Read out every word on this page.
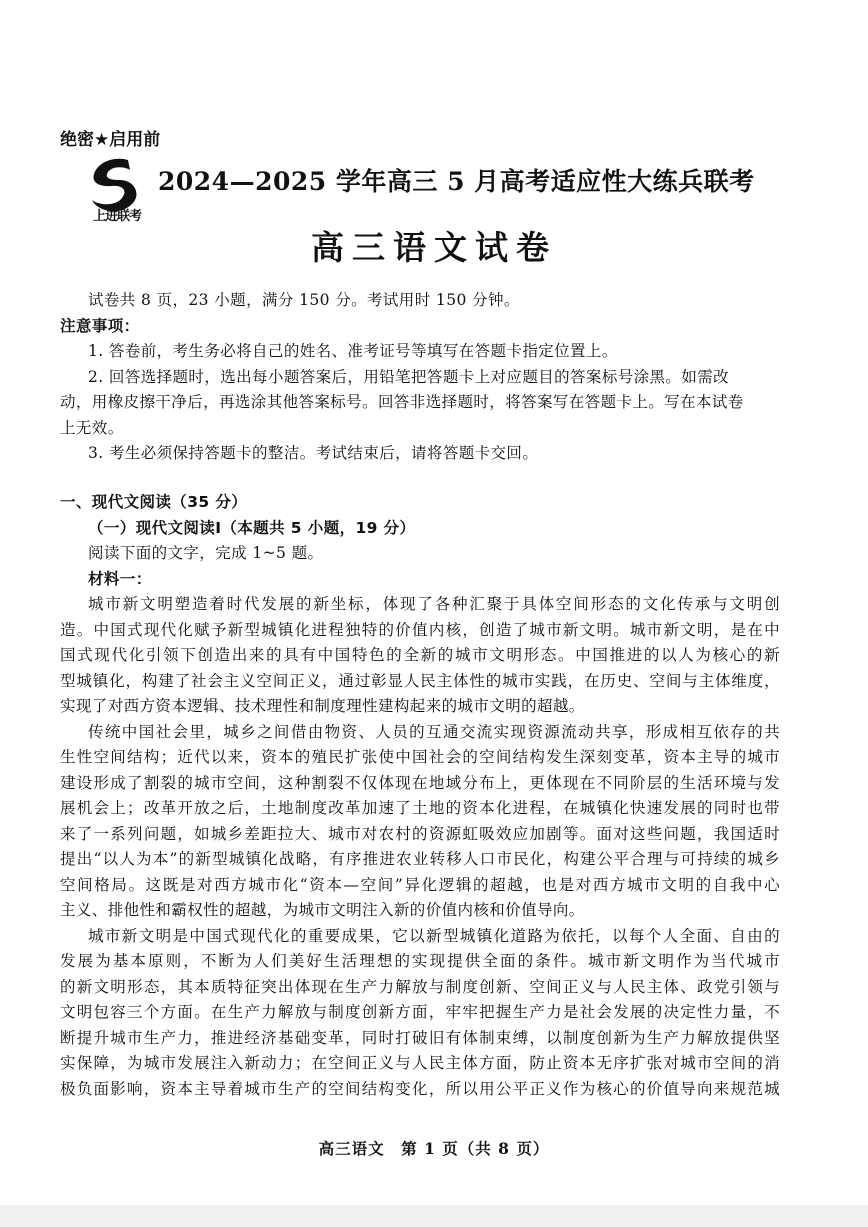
绝密★启用前
上进联考
2024—2025 学年高三 5 月高考适应性大练兵联考
高三语文试卷
试卷共 8 页，23 小题，满分 150 分。考试用时 150 分钟。
注意事项：
1. 答卷前，考生务必将自己的姓名、准考证号等填写在答题卡指定位置上。
2. 回答选择题时，选出每小题答案后，用铅笔把答题卡上对应题目的答案标号涂黑。如需改
动，用橡皮擦干净后，再选涂其他答案标号。回答非选择题时，将答案写在答题卡上。写在本试卷
上无效。
3. 考生必须保持答题卡的整洁。考试结束后，请将答题卡交回。
一、现代文阅读（35 分）
（一）现代文阅读Ⅰ（本题共 5 小题，19 分）
阅读下面的文字，完成 1~5 题。
材料一：
城市新文明塑造着时代发展的新坐标，体现了各种汇聚于具体空间形态的文化传承与文明创
造。中国式现代化赋予新型城镇化进程独特的价值内核，创造了城市新文明。城市新文明，是在中
国式现代化引领下创造出来的具有中国特色的全新的城市文明形态。中国推进的以人为核心的新
型城镇化，构建了社会主义空间正义，通过彰显人民主体性的城市实践，在历史、空间与主体维度，
实现了对西方资本逻辑、技术理性和制度理性建构起来的城市文明的超越。
传统中国社会里，城乡之间借由物资、人员的互通交流实现资源流动共享，形成相互依存的共
生性空间结构；近代以来，资本的殖民扩张使中国社会的空间结构发生深刻变革，资本主导的城市
建设形成了割裂的城市空间，这种割裂不仅体现在地域分布上，更体现在不同阶层的生活环境与发
展机会上；改革开放之后，土地制度改革加速了土地的资本化进程，在城镇化快速发展的同时也带
来了一系列问题，如城乡差距拉大、城市对农村的资源虹吸效应加剧等。面对这些问题，我国适时
提出“以人为本”的新型城镇化战略，有序推进农业转移人口市民化，构建公平合理与可持续的城乡
空间格局。这既是对西方城市化“资本—空间”异化逻辑的超越，也是对西方城市文明的自我中心
主义、排他性和霸权性的超越，为城市文明注入新的价值内核和价值导向。
城市新文明是中国式现代化的重要成果，它以新型城镇化道路为依托，以每个人全面、自由的
发展为基本原则，不断为人们美好生活理想的实现提供全面的条件。城市新文明作为当代城市
的新文明形态，其本质特征突出体现在生产力解放与制度创新、空间正义与人民主体、政党引领与
文明包容三个方面。在生产力解放与制度创新方面，牢牢把握生产力是社会发展的决定性力量，不
断提升城市生产力，推进经济基础变革，同时打破旧有体制束缚，以制度创新为生产力解放提供坚
实保障，为城市发展注入新动力；在空间正义与人民主体方面，防止资本无序扩张对城市空间的消
极负面影响，资本主导着城市生产的空间结构变化，所以用公平正义作为核心的价值导向来规范城
高三语文　第 1 页（共 8 页）
